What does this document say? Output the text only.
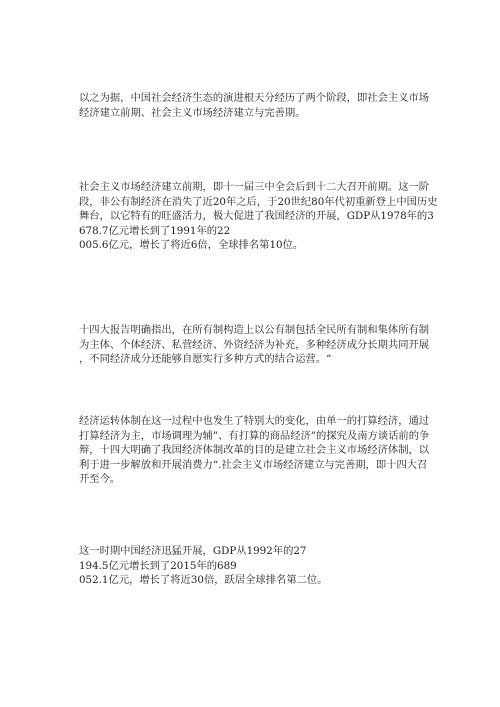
以之为据，中国社会经济生态的演进根天分经历了两个阶段，即社会主义市场
经济建立前期、社会主义市场经济建立与完善期。
社会主义市场经济建立前期，即十一届三中全会后到十二大召开前期。这一阶
段，非公有制经济在消失了近20年之后，于20世纪80年代初重新登上中国历史
舞台，以它特有的旺盛活力，极大促进了我国经济的开展，GDP从1978年的3
678.7亿元增长到了1991年的22
005.6亿元，增长了将近6倍，全球排名第10位。
十四大报告明确指出，在所有制构造上以公有制包括全民所有制和集体所有制
为主体、个体经济、私营经济、外资经济为补充，多种经济成分长期共同开展
，不同经济成分还能够自愿实行多种方式的结合运营。“
经济运转体制在这一过程中也发生了特别大的变化，由单一的打算经济，通过
打算经济为主，市场调理为辅”、有打算的商品经济”的探究及南方谈话前的争
辩，十四大明确了我国经济体制改革的目的是建立社会主义市场经济体制，以
利于进一步解放和开展消费力“.社会主义市场经济建立与完善期，即十四大召
开至今。
这一时期中国经济迅猛开展，GDP从1992年的27
194.5亿元增长到了2015年的689
052.1亿元，增长了将近30倍，跃居全球排名第二位。
